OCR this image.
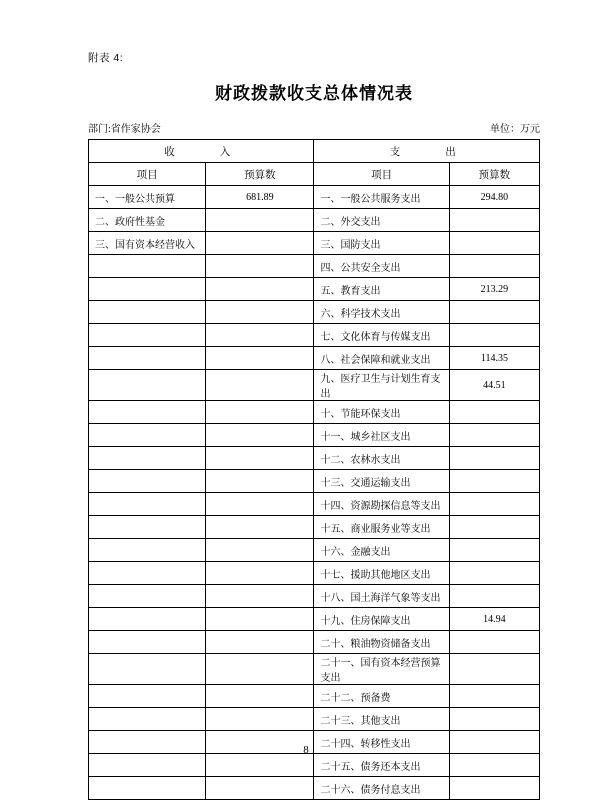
附表 4:
财政拨款收支总体情况表
部门:省作家协会	单位：万元
收　　入		支　　出	
项目	预算数	项目	预算数
一、一般公共预算	681.89	一、一般公共服务支出	294.80
二、政府性基金		二、外交支出	
三、国有资本经营收入		三、国防支出	
		四、公共安全支出	
		五、教育支出	213.29
		六、科学技术支出	
		七、文化体育与传媒支出	
		八、社会保障和就业支出	114.35
		九、医疗卫生与计划生育支出	44.51
		十、节能环保支出	
		十一、城乡社区支出	
		十二、农林水支出	
		十三、交通运输支出	
		十四、资源勘探信息等支出	
		十五、商业服务业等支出	
		十六、金融支出	
		十七、援助其他地区支出	
		十八、国土海洋气象等支出	
		十九、住房保障支出	14.94
		二十、粮油物资储备支出	
		二十一、国有资本经营预算支出	
		二十二、预备费	
		二十三、其他支出	
		二十四、转移性支出	
		二十五、债务还本支出	
		二十六、债务付息支出	
8
